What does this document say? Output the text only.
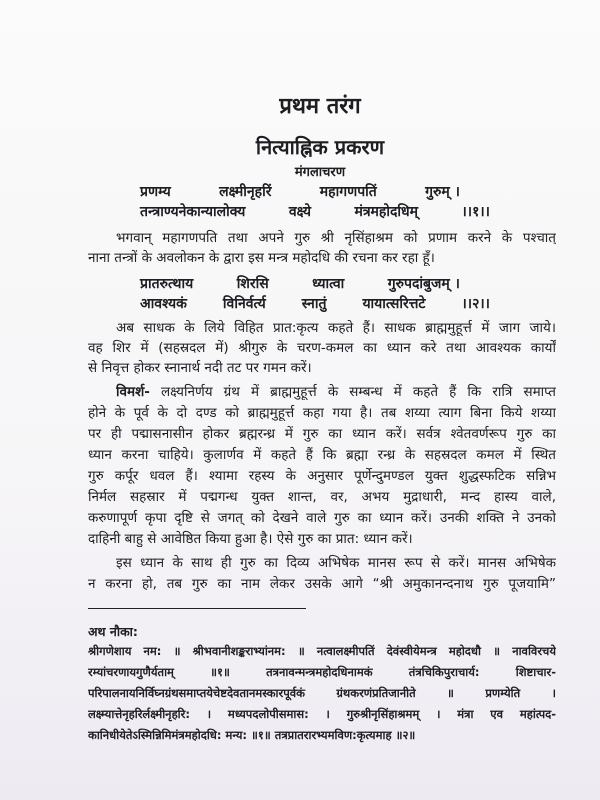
प्रथम तरंग
नित्याह्निक प्रकरण
मंगलाचरण
प्रणम्य	लक्ष्मीनृहरिं	महागणपतिं	गुरुम् ।
तन्त्राण्यनेकान्यालोक्य	वक्ष्ये	मंत्रमहोदधिम्	।।१।।
भगवान् महागणपति तथा अपने गुरु श्री नृसिंहाश्रम को प्रणाम करने के पश्चात्
नाना तन्त्रों के अवलोकन के द्वारा इस मन्त्र महोदधि की रचना कर रहा हूँ।
प्रातरुत्थाय	शिरसि	ध्यात्वा	गुरुपदांबुजम् ।
आवश्यकं	विनिर्वर्त्य	स्नातुं	यायात्सरित्तटे	।।२।।
अब साधक के लिये विहित प्रात:कृत्य कहते हैं। साधक ब्राह्ममुहूर्त्त में जाग जाये।
वह शिर में (सहस्रदल में) श्रीगुरु के चरण-कमल का ध्यान करे तथा आवश्यक कार्यों
से निवृत्त होकर स्नानार्थ नदी तट पर गमन करें।
विमर्श- लक्ष्यनिर्णय ग्रंथ में ब्राह्ममुहूर्त्त के सम्बन्ध में कहते हैं कि रात्रि समाप्त
होने के पूर्व के दो दण्ड को ब्राह्ममुहूर्त्त कहा गया है। तब शय्या त्याग बिना किये शय्या
पर ही पद्मासनासीन होकर ब्रह्मरन्ध्र में गुरु का ध्यान करें। सर्वत्र श्वेतवर्णरूप गुरु का
ध्यान करना चाहिये। कुलार्णव में कहते हैं कि ब्रह्मा रन्ध्र के सहस्रदल कमल में स्थित
गुरु कर्पूर धवल हैं। श्यामा रहस्य के अनुसार पूर्णेन्दुमण्डल युक्त शुद्धस्फटिक सन्निभ
निर्मल सहस्रार में पद्मगन्ध युक्त शान्त, वर, अभय मुद्राधारी, मन्द हास्य वाले,
करुणापूर्ण कृपा दृष्टि से जगत् को देखने वाले गुरु का ध्यान करें। उनकी शक्ति ने उनको
दाहिनी बाहु से आवेष्ठित किया हुआ है। ऐसे गुरु का प्रात: ध्यान करें।
इस ध्यान के साथ ही गुरु का दिव्य अभिषेक मानस रूप से करें। मानस अभिषेक
न करना हो, तब गुरु का नाम लेकर उसके आगे “श्री अमुकानन्दनाथ गुरु पूजयामि”
अथ नौका:
श्रीगणेशाय नम: ॥ श्रीभवानीशङ्कराभ्यांनम: ॥ नत्वालक्ष्मीपतिं देवंस्वीयेमन्त्र महोदधौ ॥ नावविरचये
रम्यांचरणायगुणैर्यताम् ॥१॥ तत्रनावन्मन्त्रमहोदधिनामकं तंत्रचिकिपुराचार्य: शिष्टाचार-
परिपालनायनिर्विघ्नग्रंथसमाप्तयेचेष्टदेवतानमस्कारपूर्वकं ग्रंथकरणंप्रतिजानीते ॥ प्रणम्येति ।
लक्ष्म्यात्तेनृहरिर्लक्ष्मीनृहरि: । मध्यपदलोपीसमास: । गुरुश्रीनृसिंहाश्रमम् । मंत्रा एव महांत्पद-
कानिधीयेतेऽस्मिन्निमिमंत्रमहोदधि: मन्य: ॥१॥ तत्रप्रातरारभ्यमविण:कृत्यमाह ॥२॥
